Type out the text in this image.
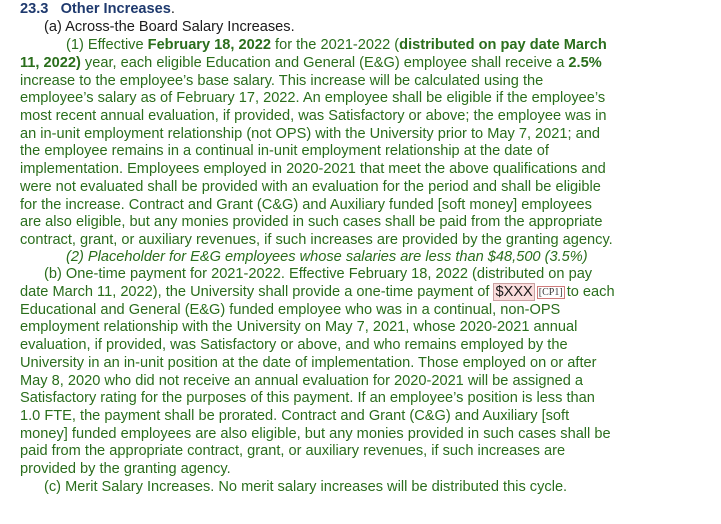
23.3 Other Increases.
(a) Across-the Board Salary Increases.
(1) Effective February 18, 2022 for the 2021-2022 (distributed on pay date March
11, 2022) year, each eligible Education and General (E&G) employee shall receive a 2.5%
increase to the employee’s base salary. This increase will be calculated using the
employee’s salary as of February 17, 2022. An employee shall be eligible if the employee’s
most recent annual evaluation, if provided, was Satisfactory or above; the employee was in
an in-unit employment relationship (not OPS) with the University prior to May 7, 2021; and
the employee remains in a continual in-unit employment relationship at the date of
implementation. Employees employed in 2020-2021 that meet the above qualifications and
were not evaluated shall be provided with an evaluation for the period and shall be eligible
for the increase. Contract and Grant (C&G) and Auxiliary funded [soft money] employees
are also eligible, but any monies provided in such cases shall be paid from the appropriate
contract, grant, or auxiliary revenues, if such increases are provided by the granting agency.
(2) Placeholder for E&G employees whose salaries are less than $48,500 (3.5%)
(b) One-time payment for 2021-2022. Effective February 18, 2022 (distributed on pay
date March 11, 2022), the University shall provide a one-time payment of $XXX [CP1] to each
Educational and General (E&G) funded employee who was in a continual, non-OPS
employment relationship with the University on May 7, 2021, whose 2020-2021 annual
evaluation, if provided, was Satisfactory or above, and who remains employed by the
University in an in-unit position at the date of implementation. Those employed on or after
May 8, 2020 who did not receive an annual evaluation for 2020-2021 will be assigned a
Satisfactory rating for the purposes of this payment. If an employee’s position is less than
1.0 FTE, the payment shall be prorated. Contract and Grant (C&G) and Auxiliary [soft
money] funded employees are also eligible, but any monies provided in such cases shall be
paid from the appropriate contract, grant, or auxiliary revenues, if such increases are
provided by the granting agency.
(c) Merit Salary Increases. No merit salary increases will be distributed this cycle.
